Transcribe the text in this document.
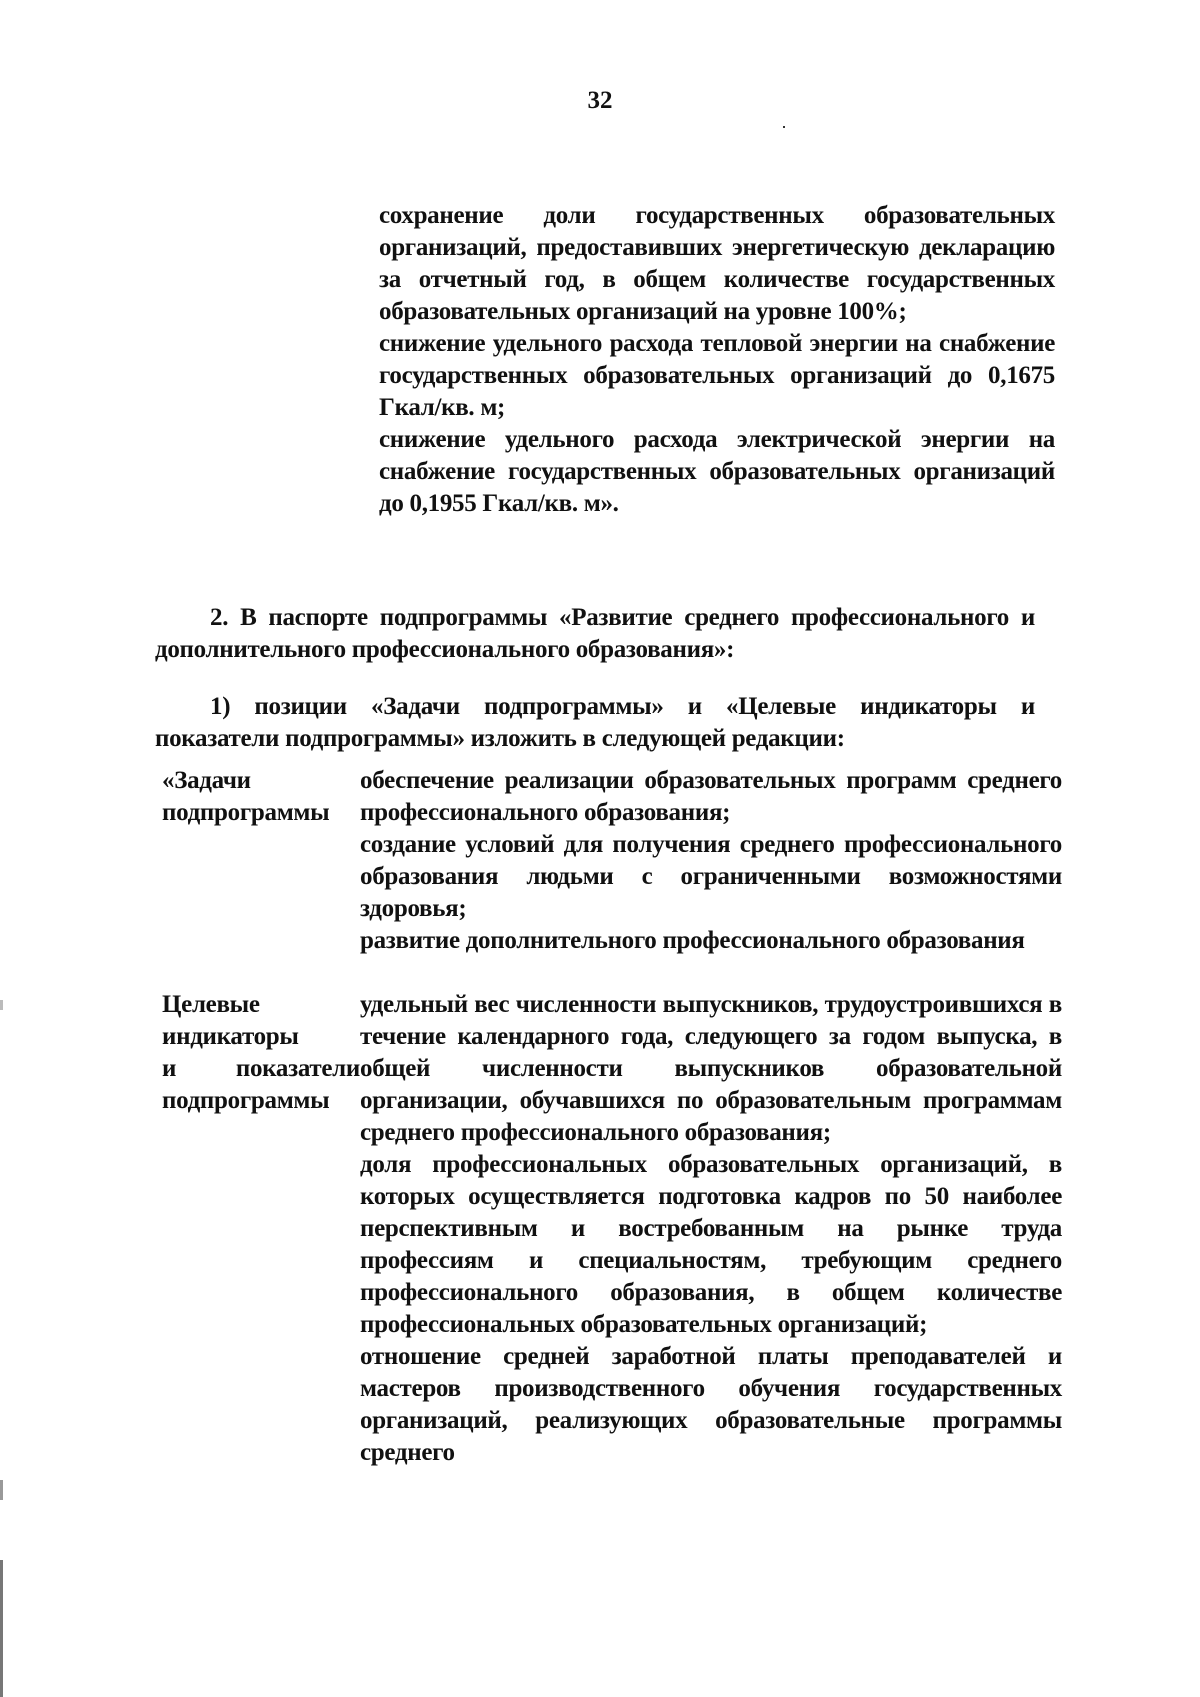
32

сохранение доли государственных образовательных организаций, предоставивших энергетическую декларацию за отчетный год, в общем количестве государственных образовательных организаций на уровне 100%;

снижение удельного расхода тепловой энергии на снабжение государственных образовательных организаций до 0,1675 Гкал/кв. м;

снижение удельного расхода электрической энергии на снабжение государственных образовательных организаций до 0,1955 Гкал/кв. м».

2. В паспорте подпрограммы «Развитие среднего профессионального и дополнительного профессионального образования»:

1) позиции «Задачи подпрограммы» и «Целевые индикаторы и показатели подпрограммы» изложить в следующей редакции:

«Задачи
подпрограммы

обеспечение реализации образовательных программ среднего профессионального образования;

создание условий для получения среднего профессионального образования людьми с ограниченными возможностями здоровья;

развитие дополнительного профессионального образования

Целевые
индикаторы
и показатели
подпрограммы

удельный вес численности выпускников, трудоустроившихся в течение календарного года, следующего за годом выпуска, в общей численности выпускников образовательной организации, обучавшихся по образовательным программам среднего профессионального образования;

доля профессиональных образовательных организаций, в которых осуществляется подготовка кадров по 50 наиболее перспективным и востребованным на рынке труда профессиям и специальностям, требующим среднего профессионального образования, в общем количестве профессиональных образовательных организаций;

отношение средней заработной платы преподавателей и мастеров производственного обучения государственных организаций, реализующих образовательные программы среднего
